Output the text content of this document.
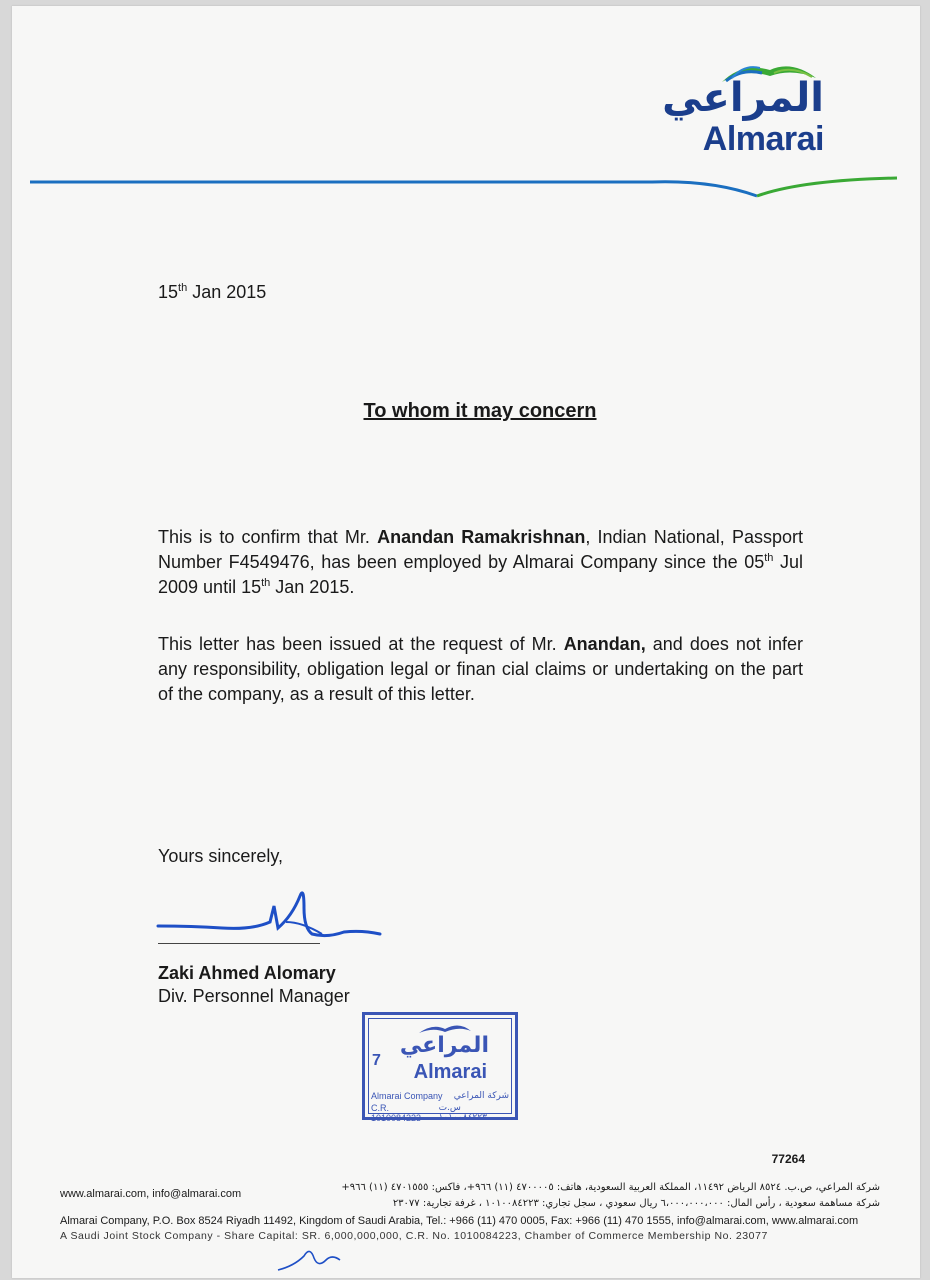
المراعي
Almarai
15th Jan 2015
To whom it may concern
This is to confirm that Mr. Anandan Ramakrishnan, Indian National, Passport Number F4549476, has been employed by Almarai Company since the 05th Jul 2009 until 15th Jan 2015.
This letter has been issued at the request of Mr. Anandan, and does not infer any responsibility, obligation legal or finan cial claims or undertaking on the part of the company, as a result of this letter.
Yours sincerely,
Zaki Ahmed Alomary
Div. Personnel Manager
7
المراعي
Almarai
Almarai Company شركة المراعي
C.R. 1010084223
س.ت ١٠١٠٠٨٤٢٢٣
77264
شركة المراعي، ص.ب. ٨٥٢٤ الرياض ١١٤٩٢، المملكة العربية السعودية، هاتف: ٤٧٠٠٠٠٥ (١١) ٩٦٦+، فاكس: ٤٧٠١٥٥٥ (١١) ٩٦٦+
www.almarai.com, info@almarai.com
شركة مساهمة سعودية ، رأس المال: ٦،٠٠٠،٠٠٠،٠٠٠ ريال سعودي ، سجل تجاري: ١٠١٠٠٨٤٢٢٣ ، غرفة تجارية: ٢٣٠٧٧
Almarai Company, P.O. Box 8524 Riyadh 11492, Kingdom of Saudi Arabia, Tel.: +966 (11) 470 0005, Fax: +966 (11) 470 1555, info@almarai.com, www.almarai.com
A Saudi Joint Stock Company - Share Capital: SR. 6,000,000,000, C.R. No. 1010084223, Chamber of Commerce Membership No. 23077
